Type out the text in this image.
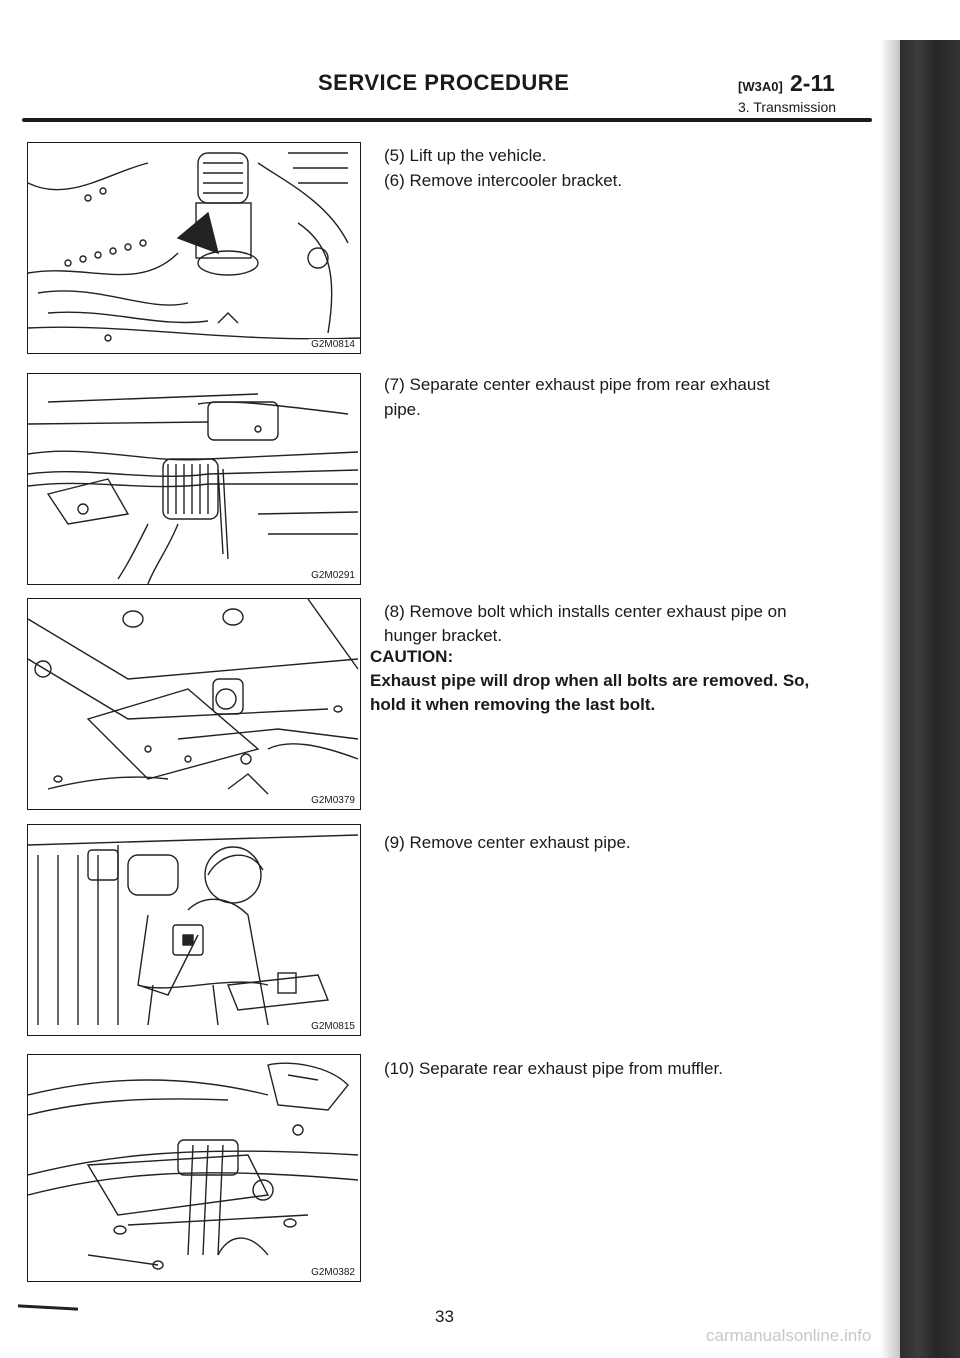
SERVICE PROCEDURE	[W3A0] 2-11
3. Transmission
G2M0814
G2M0291
G2M0379
G2M0815
G2M0382
(5) Lift up the vehicle.
(6) Remove intercooler bracket.
(7) Separate center exhaust pipe from rear exhaust
pipe.
(8) Remove bolt which installs center exhaust pipe on
hunger bracket.
CAUTION:
Exhaust pipe will drop when all bolts are removed. So,
hold it when removing the last bolt.
(9) Remove center exhaust pipe.
(10) Separate rear exhaust pipe from muffler.
33
carmanualsonline.info
